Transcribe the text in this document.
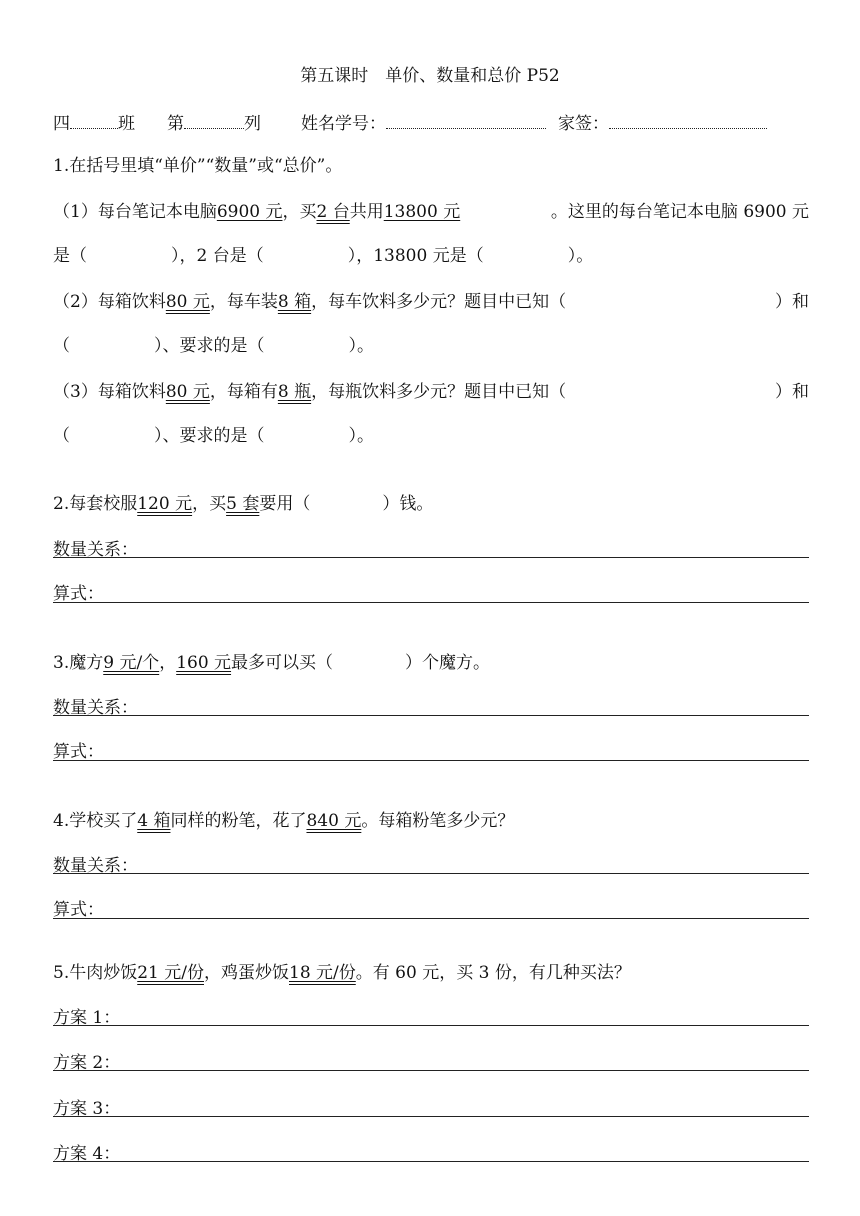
第五课时　单价、数量和总价 P52
四	班 第	列 姓名学号：	家签：
1.在括号里填“单价”“数量”或“总价”。
（1）每台笔记本电脑6900 元，买2 台共用13800 元	。这里的每台笔记本电脑 6900 元
是（	），2 台是（	），13800 元是（	）。
（2）每箱饮料80 元，每车装8 箱，每车饮料多少元？题目中已知（	）和
（	）、要求的是（	）。
（3）每箱饮料80 元，每箱有8 瓶，每瓶饮料多少元？题目中已知（	）和
（	）、要求的是（	）。
2.每套校服120 元，买5 套要用（	）钱。
数量关系：
算式：
3.魔方9 元/个，160 元最多可以买（	）个魔方。
数量关系：
算式：
4.学校买了4 箱同样的粉笔，花了840 元。每箱粉笔多少元？
数量关系：
算式：
5.牛肉炒饭21 元/份，鸡蛋炒饭18 元/份。有 60 元，买 3 份，有几种买法？
方案 1：
方案 2：
方案 3：
方案 4：
